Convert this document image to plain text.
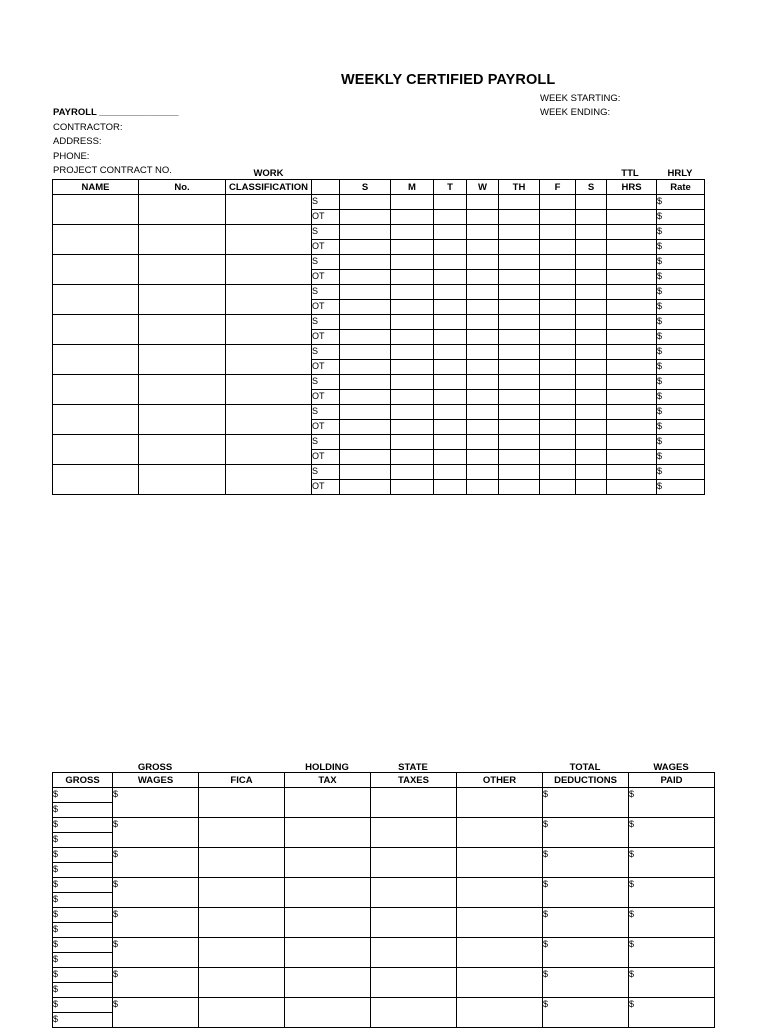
WEEKLY CERTIFIED PAYROLL
PAYROLL _______________
CONTRACTOR:
ADDRESS:
PHONE:
PROJECT CONTRACT NO.
WEEK STARTING:
WEEK ENDING:
WORK	TTL	HRLY
NAME	No.	CLASSIFICATION		S	M	T	W	TH	F	S	HRS	Rate
			S									$
			OT									$
			S									$
			OT									$
			S									$
			OT									$
			S									$
			OT									$
			S									$
			OT									$
			S									$
			OT									$
			S									$
			OT									$
			S									$
			OT									$
			S									$
			OT									$
			S									$
			OT									$
GROSS	HOLDING	STATE	TOTAL	WAGES
GROSS	WAGES	FICA	TAX	TAXES	OTHER	DEDUCTIONS	PAID
$	$					$	$
$							
$	$					$	$
$							
$	$					$	$
$							
$	$					$	$
$							
$	$					$	$
$							
$	$					$	$
$							
$	$					$	$
$							
$	$					$	$
$							
